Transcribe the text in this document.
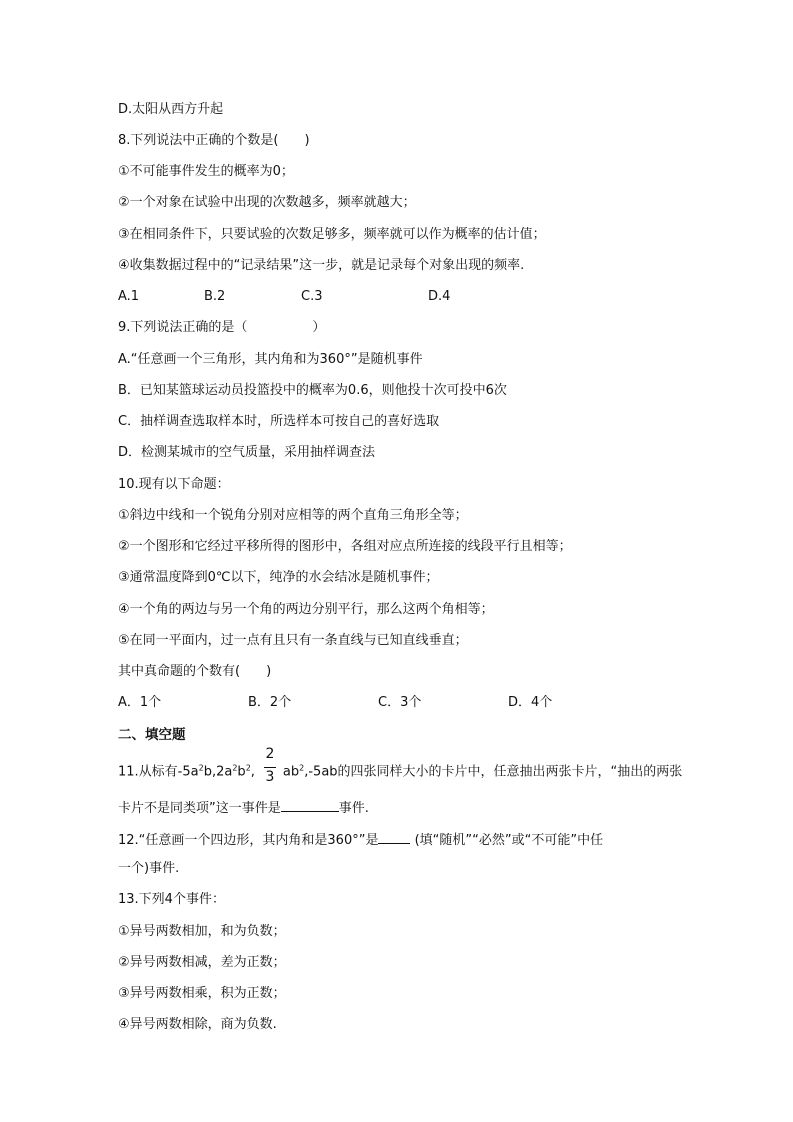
D.太阳从西方升起
8.下列说法中正确的个数是(　　)
①不可能事件发生的概率为0；
②一个对象在试验中出现的次数越多，频率就越大；
③在相同条件下，只要试验的次数足够多，频率就可以作为概率的估计值；
④收集数据过程中的“记录结果”这一步，就是记录每个对象出现的频率.
A.1	B.2	C.3	D.4
9.下列说法正确的是（　　　　　）
A.“任意画一个三角形，其内角和为360°”是随机事件
B．已知某篮球运动员投篮投中的概率为0.6，则他投十次可投中6次
C．抽样调查选取样本时，所选样本可按自己的喜好选取
D．检测某城市的空气质量，采用抽样调查法
10.现有以下命题：
①斜边中线和一个锐角分别对应相等的两个直角三角形全等；
②一个图形和它经过平移所得的图形中，各组对应点所连接的线段平行且相等；
③通常温度降到0℃以下，纯净的水会结冰是随机事件；
④一个角的两边与另一个角的两边分别平行，那么这两个角相等；
⑤在同一平面内，过一点有且只有一条直线与已知直线垂直；
其中真命题的个数有(　　)
A．1个	B．2个	C．3个	D．4个
二、填空题
11.从标有$-5a^2b,2a^2b^2$, $\frac{2}{3} ab^2,-5ab$的四张同样大小的卡片中，任意抽出两张卡片，“抽出的两张
卡片不是同类项”这一事件是	事件.
12.“任意画一个四边形，其内角和是360°”是	(填“随机”“必然”或“不可能”中任
一个)事件.
13.下列4个事件：
①异号两数相加，和为负数；
②异号两数相减，差为正数；
③异号两数相乘，积为正数；
④异号两数相除，商为负数.
